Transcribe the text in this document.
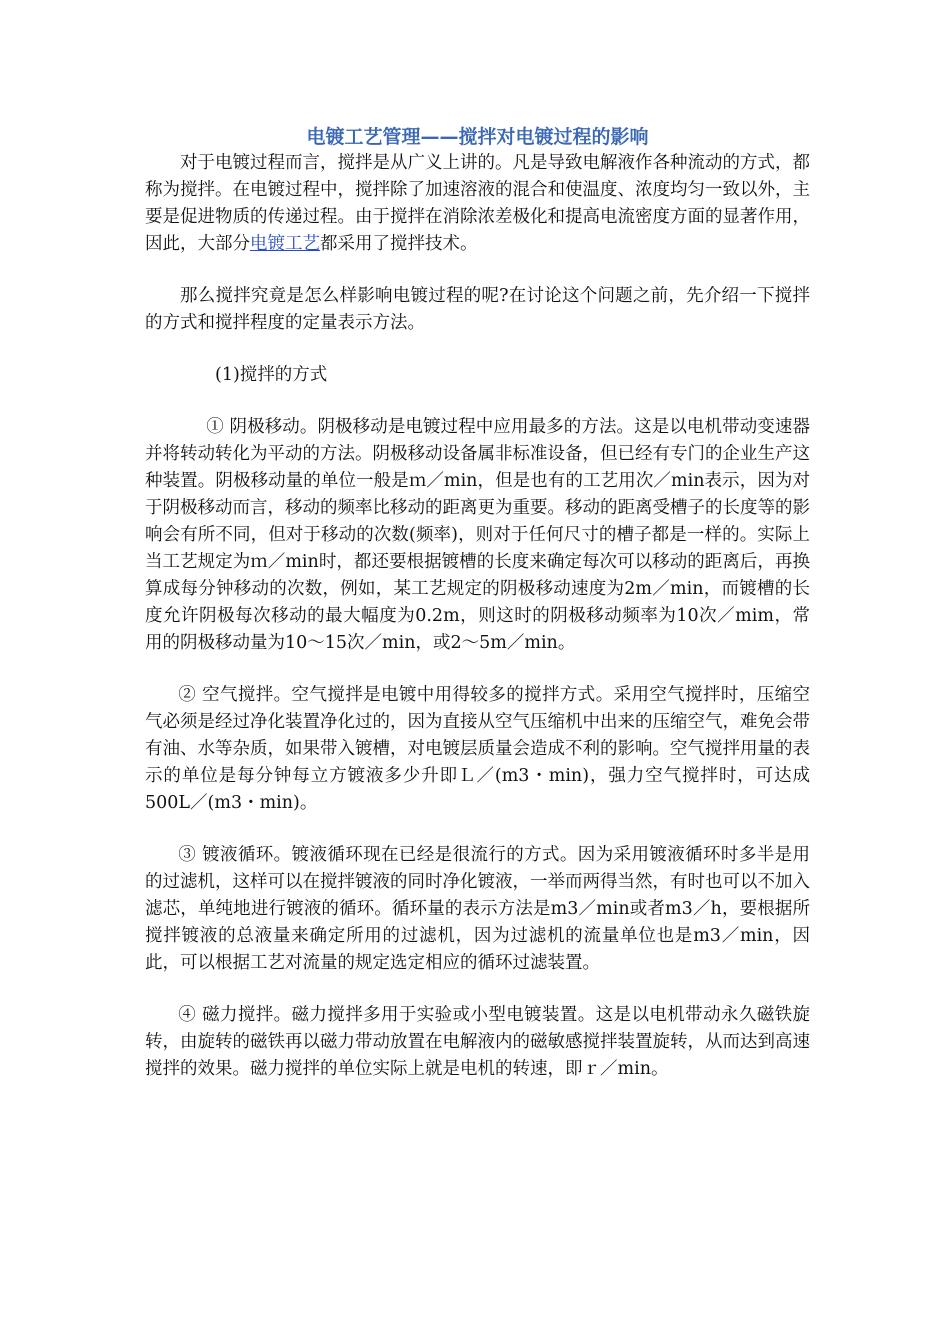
电镀工艺管理——搅拌对电镀过程的影响

对于电镀过程而言，搅拌是从广义上讲的。凡是导致电解液作各种流动的方式，都称为搅拌。在电镀过程中，搅拌除了加速溶液的混合和使温度、浓度均匀一致以外，主要是促进物质的传递过程。由于搅拌在消除浓差极化和提高电流密度方面的显著作用，因此，大部分电镀工艺都采用了搅拌技术。

那么搅拌究竟是怎么样影响电镀过程的呢?在讨论这个问题之前，先介绍一下搅拌的方式和搅拌程度的定量表示方法。

(1)搅拌的方式

① 阴极移动。阴极移动是电镀过程中应用最多的方法。这是以电机带动变速器并将转动转化为平动的方法。阴极移动设备属非标准设备，但已经有专门的企业生产这种装置。阴极移动量的单位一般是ｍ／min，但是也有的工艺用次／min表示，因为对于阴极移动而言，移动的频率比移动的距离更为重要。移动的距离受槽子的长度等的影响会有所不同，但对于移动的次数(频率)，则对于任何尺寸的槽子都是一样的。实际上当工艺规定为ｍ／min时，都还要根据镀槽的长度来确定每次可以移动的距离后，再换算成每分钟移动的次数，例如，某工艺规定的阴极移动速度为2m／min，而镀槽的长度允许阴极每次移动的最大幅度为0.2m，则这时的阴极移动频率为10次／mim，常用的阴极移动量为10～15次／min，或2～5m／min。

② 空气搅拌。空气搅拌是电镀中用得较多的搅拌方式。采用空气搅拌时，压缩空气必须是经过净化装置净化过的，因为直接从空气压缩机中出来的压缩空气，难免会带有油、水等杂质，如果带入镀槽，对电镀层质量会造成不利的影响。空气搅拌用量的表示的单位是每分钟每立方镀液多少升即Ｌ／(m3・min)，强力空气搅拌时，可达成500L／(m3・min)。

③ 镀液循环。镀液循环现在已经是很流行的方式。因为采用镀液循环时多半是用的过滤机，这样可以在搅拌镀液的同时净化镀液，一举而两得当然，有时也可以不加入滤芯，单纯地进行镀液的循环。循环量的表示方法是m3／min或者m3／h，要根据所搅拌镀液的总液量来确定所用的过滤机，因为过滤机的流量单位也是m3／min，因此，可以根据工艺对流量的规定选定相应的循环过滤装置。

④ 磁力搅拌。磁力搅拌多用于实验或小型电镀装置。这是以电机带动永久磁铁旋转，由旋转的磁铁再以磁力带动放置在电解液内的磁敏感搅拌装置旋转，从而达到高速搅拌的效果。磁力搅拌的单位实际上就是电机的转速，即ｒ／min。
